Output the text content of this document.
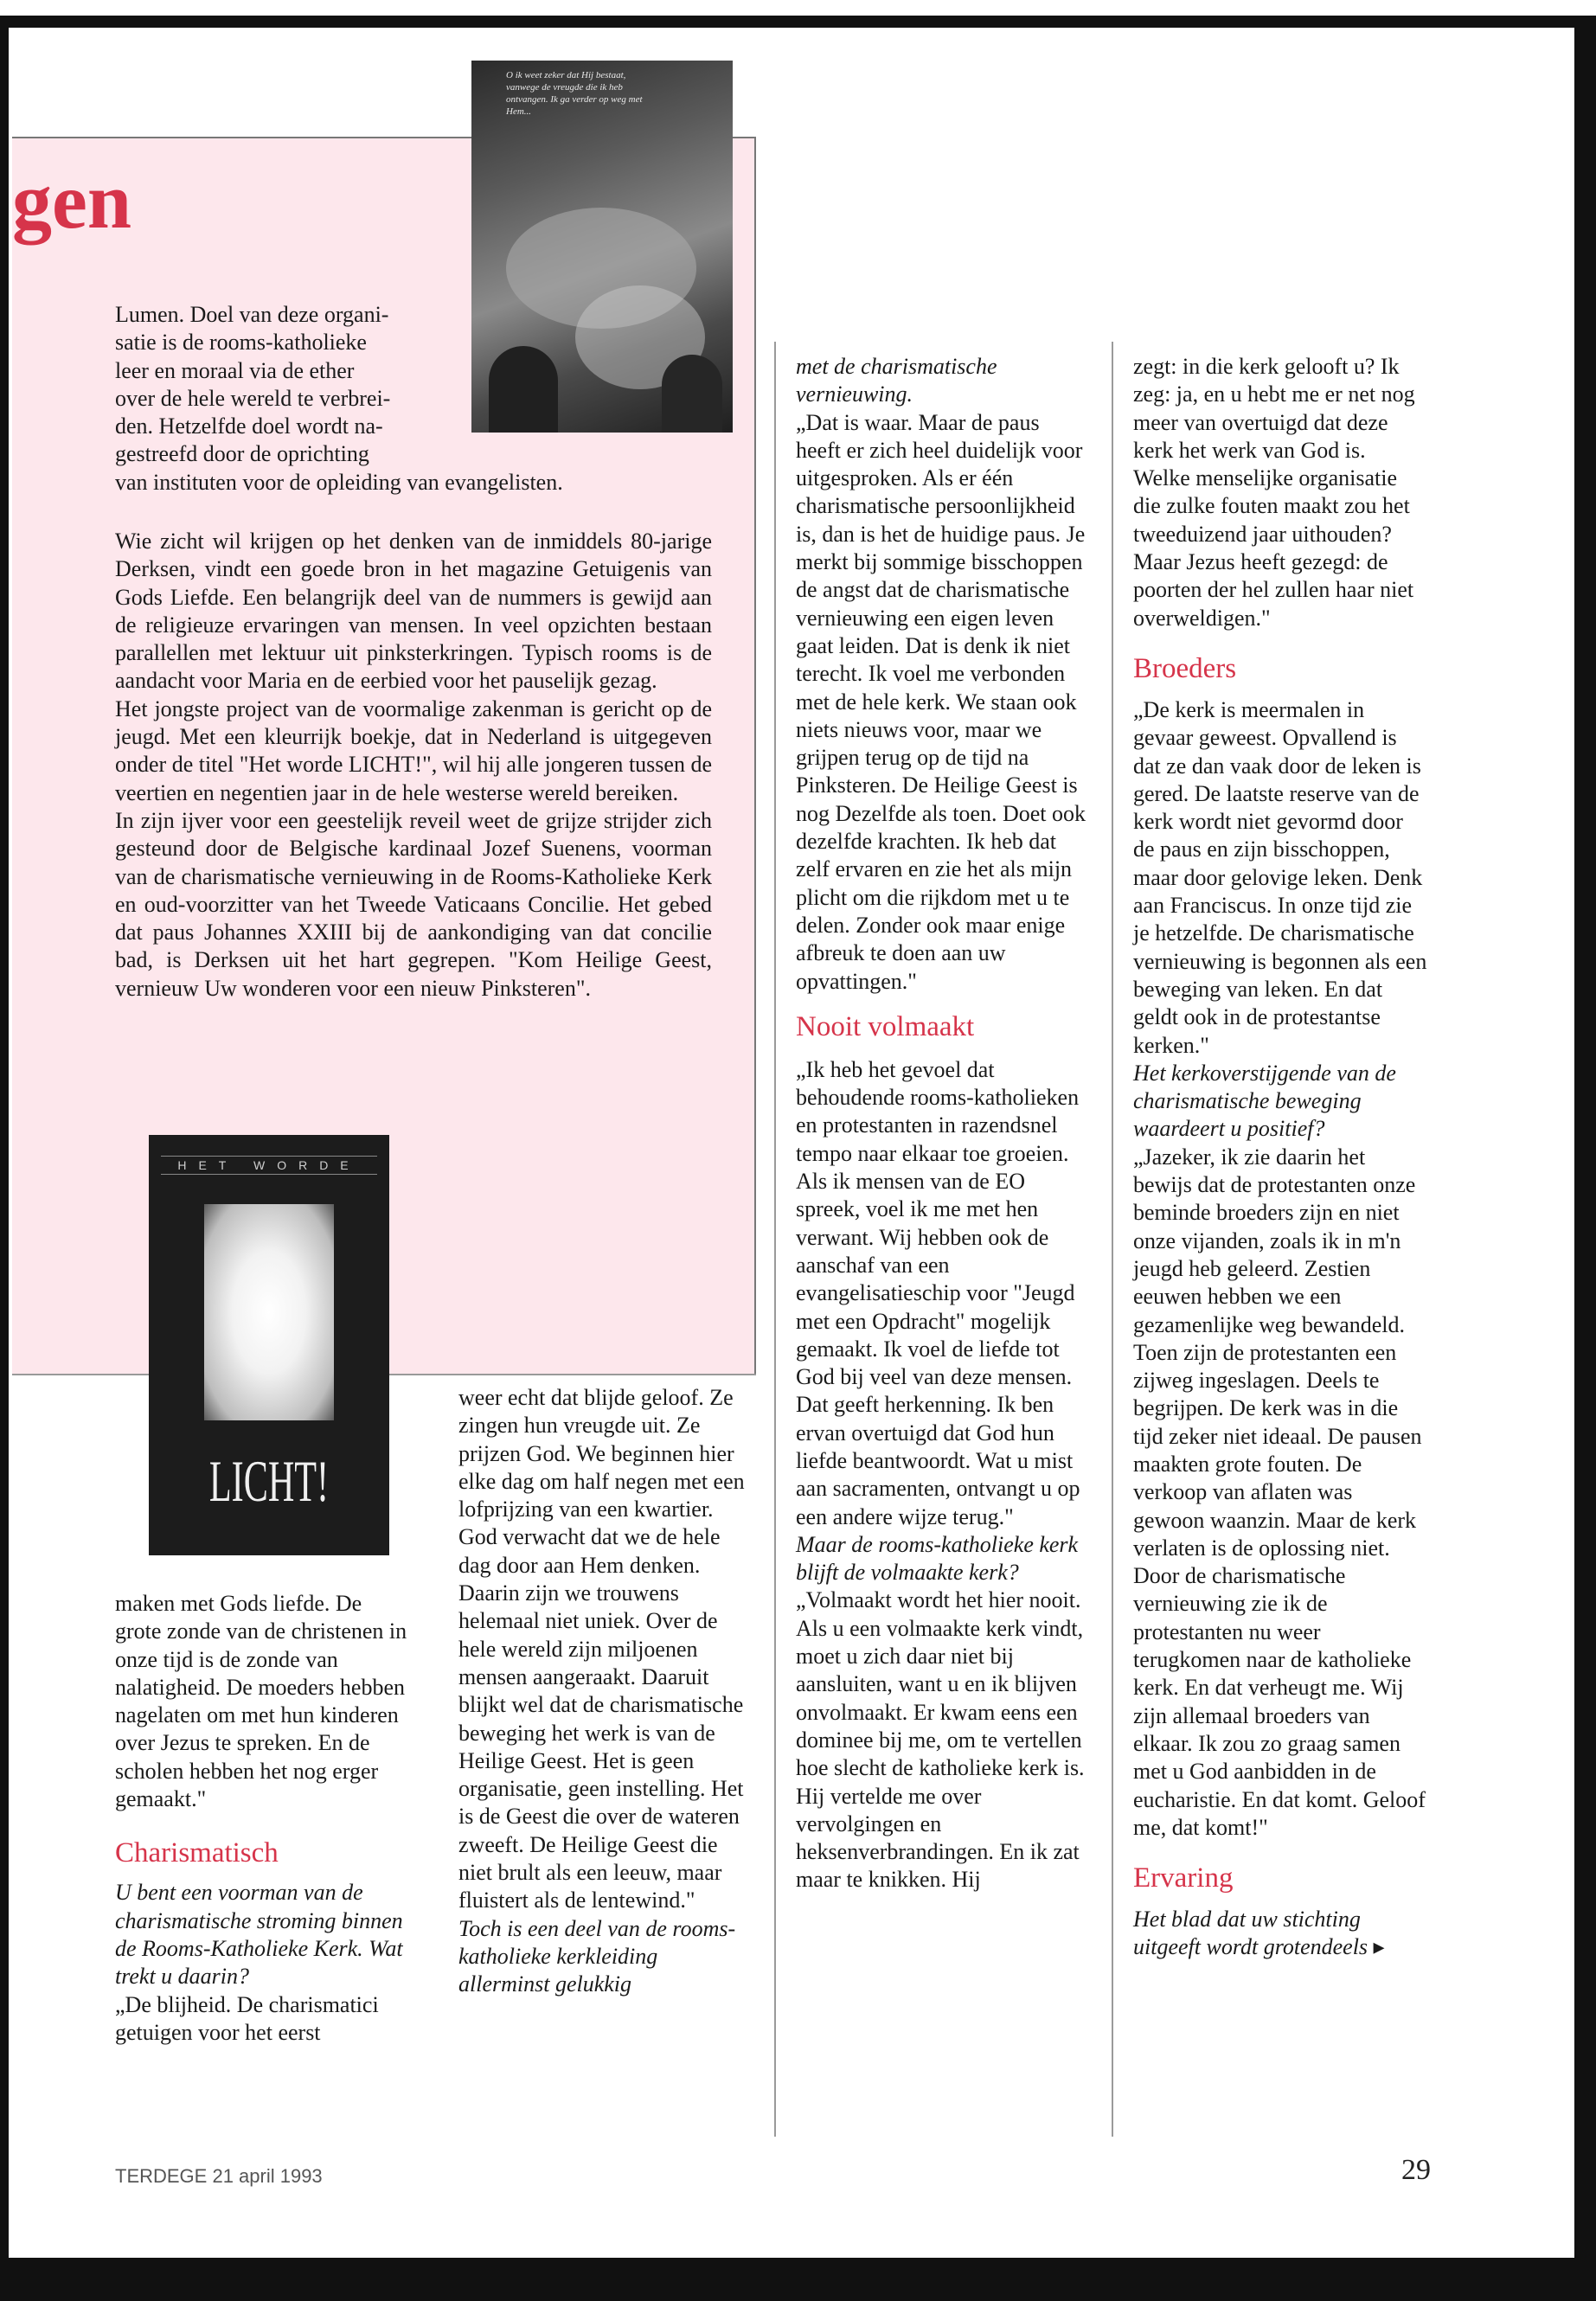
gen
O ik weet zeker dat Hij bestaat, vanwege de vreugde die ik heb ontvangen. Ik ga verder op weg met Hem...

Lumen. Doel van deze organi-

satie is de rooms-katholieke

leer en moraal via de ether

over de hele wereld te verbrei-

den. Hetzelfde doel wordt na-

gestreefd door de oprichting

van instituten voor de opleiding van evangelisten.

Wie zicht wil krijgen op het denken van de inmiddels 80-jarige Derksen, vindt een goede bron in het magazine Getuigenis van Gods Liefde. Een belangrijk deel van de nummers is gewijd aan de religieuze ervaringen van mensen. In veel opzichten bestaan parallellen met lektuur uit pinksterkringen. Typisch rooms is de aandacht voor Maria en de eerbied voor het pauselijk gezag.

Het jongste project van de voormalige zakenman is gericht op de jeugd. Met een kleurrijk boekje, dat in Nederland is uitgegeven onder de titel "Het worde LICHT!", wil hij alle jongeren tussen de veertien en negentien jaar in de hele westerse wereld bereiken.

In zijn ijver voor een geestelijk reveil weet de grijze strijder zich gesteund door de Belgische kardinaal Jozef Suenens, voorman van de charismatische vernieuwing in de Rooms-Katholieke Kerk en oud-voorzitter van het Tweede Vaticaans Concilie. Het gebed dat paus Johannes XXIII bij de aankondiging van dat concilie bad, is Derksen uit het hart gegrepen. "Kom Heilige Geest, vernieuw Uw wonderen voor een nieuw Pinksteren".

HET WORDE
LICHT!

maken met Gods liefde. De grote zonde van de christenen in onze tijd is de zonde van nalatigheid. De moeders hebben nagelaten om met hun kinderen over Jezus te spreken. En de scholen hebben het nog erger gemaakt."

Charismatisch

U bent een voorman van de charismatische stroming binnen de Rooms-Katholieke Kerk. Wat trekt u daarin?

„De blijheid. De charismatici getuigen voor het eerst

weer echt dat blijde geloof. Ze zingen hun vreugde uit. Ze prijzen God. We beginnen hier elke dag om half negen met een lofprijzing van een kwartier. God verwacht dat we de hele dag door aan Hem denken. Daarin zijn we trouwens helemaal niet uniek. Over de hele wereld zijn miljoenen mensen aangeraakt. Daaruit blijkt wel dat de charismatische beweging het werk is van de Heilige Geest. Het is geen organisatie, geen instelling. Het is de Geest die over de wateren zweeft. De Heilige Geest die niet brult als een leeuw, maar fluistert als de lentewind."

Toch is een deel van de rooms-katholieke kerkleiding allerminst gelukkig

met de charismatische vernieuwing.

„Dat is waar. Maar de paus heeft er zich heel duidelijk voor uitgesproken. Als er één charismatische persoonlijkheid is, dan is het de huidige paus. Je merkt bij sommige bisschoppen de angst dat de charismatische vernieuwing een eigen leven gaat leiden. Dat is denk ik niet terecht. Ik voel me verbonden met de hele kerk. We staan ook niets nieuws voor, maar we grijpen terug op de tijd na Pinksteren. De Heilige Geest is nog Dezelfde als toen. Doet ook dezelfde krachten. Ik heb dat zelf ervaren en zie het als mijn plicht om die rijkdom met u te delen. Zonder ook maar enige afbreuk te doen aan uw opvattingen."

Nooit volmaakt

„Ik heb het gevoel dat behoudende rooms-katholieken en protestanten in razendsnel tempo naar elkaar toe groeien. Als ik mensen van de EO spreek, voel ik me met hen verwant. Wij hebben ook de aanschaf van een evangelisatieschip voor "Jeugd met een Opdracht" mogelijk gemaakt. Ik voel de liefde tot God bij veel van deze mensen. Dat geeft herkenning. Ik ben ervan overtuigd dat God hun liefde beantwoordt. Wat u mist aan sacramenten, ontvangt u op een andere wijze terug."

Maar de rooms-katholieke kerk blijft de volmaakte kerk?

„Volmaakt wordt het hier nooit. Als u een volmaakte kerk vindt, moet u zich daar niet bij aansluiten, want u en ik blijven onvolmaakt. Er kwam eens een dominee bij me, om te vertellen hoe slecht de katholieke kerk is. Hij vertelde me over vervolgingen en heksenverbrandingen. En ik zat maar te knikken. Hij

zegt: in die kerk gelooft u? Ik zeg: ja, en u hebt me er net nog meer van overtuigd dat deze kerk het werk van God is. Welke menselijke organisatie die zulke fouten maakt zou het tweeduizend jaar uithouden? Maar Jezus heeft gezegd: de poorten der hel zullen haar niet overweldigen."

Broeders

„De kerk is meermalen in gevaar geweest. Opvallend is dat ze dan vaak door de leken is gered. De laatste reserve van de kerk wordt niet gevormd door de paus en zijn bisschoppen, maar door gelovige leken. Denk aan Franciscus. In onze tijd zie je hetzelfde. De charismatische vernieuwing is begonnen als een beweging van leken. En dat geldt ook in de protestantse kerken."

Het kerkoverstijgende van de charismatische beweging waardeert u positief?

„Jazeker, ik zie daarin het bewijs dat de protestanten onze beminde broeders zijn en niet onze vijanden, zoals ik in m'n jeugd heb geleerd. Zestien eeuwen hebben we een gezamenlijke weg bewandeld. Toen zijn de protestanten een zijweg ingeslagen. Deels te begrijpen. De kerk was in die tijd zeker niet ideaal. De pausen maakten grote fouten. De verkoop van aflaten was gewoon waanzin. Maar de kerk verlaten is de oplossing niet. Door de charismatische vernieuwing zie ik de protestanten nu weer terugkomen naar de katholieke kerk. En dat verheugt me. Wij zijn allemaal broeders van elkaar. Ik zou zo graag samen met u God aanbidden in de eucharistie. En dat komt. Geloof me, dat komt!"

Ervaring

Het blad dat uw stichting uitgeeft wordt grotendeels ▸

TERDEGE 21 april 1993	29
